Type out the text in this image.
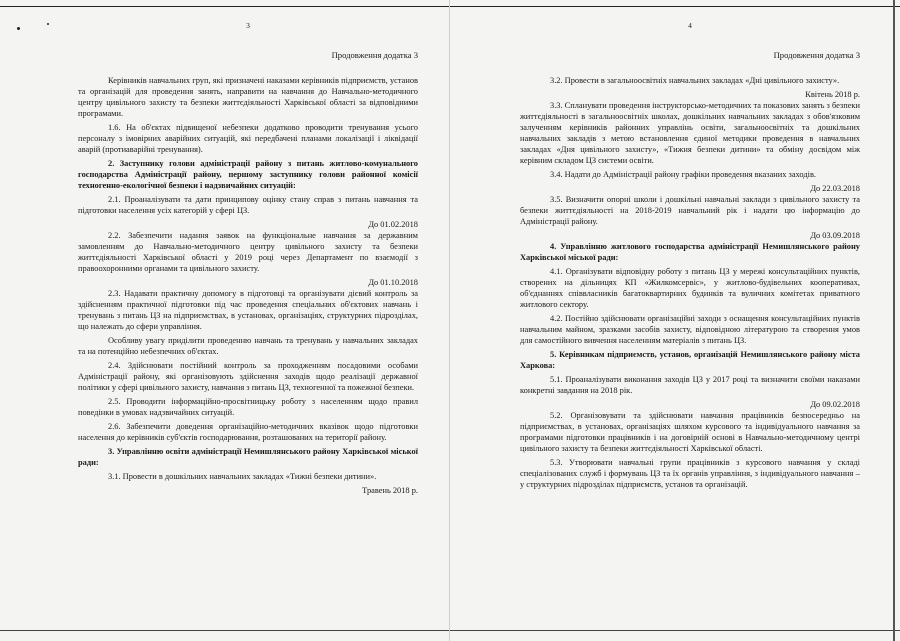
3
Продовження додатка 3

Керівників навчальних груп, які призначені наказами керівників підприємств, установ та організацій для проведення занять, направити на навчання до Навчально-методичного центру цивільного захисту та безпеки життєдіяльності Харківської області за відповідними програмами.

1.6. На об'єктах підвищеної небезпеки додатково проводити тренування усього персоналу з імовірних аварійних ситуацій, які передбачені планами локалізації і ліквідації аварій (протиаварійні тренування).

2. Заступнику голови адміністрації району з питань житлово-комунального господарства Адміністрації району, першому заступнику голови районної комісії техногенно-екологічної безпеки і надзвичайних ситуацій:

2.1. Проаналізувати та дати принципову оцінку стану справ з питань навчання та підготовки населення усіх категорій у сфері ЦЗ.

До 01.02.2018

2.2. Забезпечити надання заявок на функціональне навчання за державним замовленням до Навчально-методичного центру цивільного захисту та безпеки життєдіяльності Харківської області у 2019 році через Департамент по взаємодії з правоохоронними органами та цивільного захисту.

До 01.10.2018

2.3. Надавати практичну допомогу в підготовці та організувати дієвий контроль за здійсненням практичної підготовки під час проведення спеціальних об'єктових навчань і тренувань з питань ЦЗ на підприємствах, в установах, організаціях, структурних підрозділах, що належать до сфери управління.

Особливу увагу приділити проведенню навчань та тренувань у навчальних закладах та на потенційно небезпечних об'єктах.

2.4. Здійснювати постійний контроль за проходженням посадовими особами Адміністрації району, які організовують здійснення заходів щодо реалізації державної політики у сфері цивільного захисту, навчання з питань ЦЗ, техногенної та пожежної безпеки.

2.5. Проводити інформаційно-просвітницьку роботу з населенням щодо правил поведінки в умовах надзвичайних ситуацій.

2.6. Забезпечити доведення організаційно-методичних вказівок щодо підготовки населення до керівників суб'єктів господарювання, розташованих на території району.

3. Управлінню освіти адміністрації Немишлянського району Харківської міської ради:

3.1. Провести в дошкільних навчальних закладах «Тижні безпеки дитини».

Травень 2018 р.

4
Продовження додатка 3

3.2. Провести в загальноосвітніх навчальних закладах «Дні цивільного захисту».

Квітень 2018 р.

3.3. Спланувати проведення інструкторсько-методичних та показових занять з безпеки життєдіяльності в загальноосвітніх школах, дошкільних навчальних закладах з обов'язковим залученням керівників районних управлінь освіти, загальноосвітніх та дошкільних навчальних закладів з метою встановлення єдиної методики проведення в навчальних закладах «Дня цивільного захисту», «Тижня безпеки дитини» та обміну досвідом між керівним складом ЦЗ системи освіти.

3.4. Надати до Адміністрації району графіки проведення вказаних заходів.

До 22.03.2018

3.5. Визначити опорні школи і дошкільні навчальні заклади з цивільного захисту та безпеки життєдіяльності на 2018-2019 навчальний рік і надати цю інформацію до Адміністрації району.

До 03.09.2018

4. Управлінню житлового господарства адміністрації Немишлянського району Харківської міської ради:

4.1. Організувати відповідну роботу з питань ЦЗ у мережі консультаційних пунктів, створених на дільницях КП «Жилкомсервіс», у житлово-будівельних кооперативах, об'єднаннях співвласників багатоквартирних будинків та вуличних комітетах приватного житлового сектору.

4.2. Постійно здійснювати організаційні заходи з оснащення консультаційних пунктів навчальним майном, зразками засобів захисту, відповідною літературою та створення умов для самостійного вивчення населенням матеріалів з питань ЦЗ.

5. Керівникам підприємств, установ, організацій Немишлянського району міста Харкова:

5.1. Проаналізувати виконання заходів ЦЗ у 2017 році та визначити своїми наказами конкретні завдання на 2018 рік.

До 09.02.2018

5.2. Організовувати та здійснювати навчання працівників безпосередньо на підприємствах, в установах, організаціях шляхом курсового та індивідуального навчання за програмами підготовки працівників і на договірній основі в Навчально-методичному центрі цивільного захисту та безпеки життєдіяльності Харківської області.

5.3. Утворювати навчальні групи працівників з курсового навчання у складі спеціалізованих служб і формувань ЦЗ та їх органів управління, з індивідуального навчання –у структурних підрозділах підприємств, установ та організацій.
